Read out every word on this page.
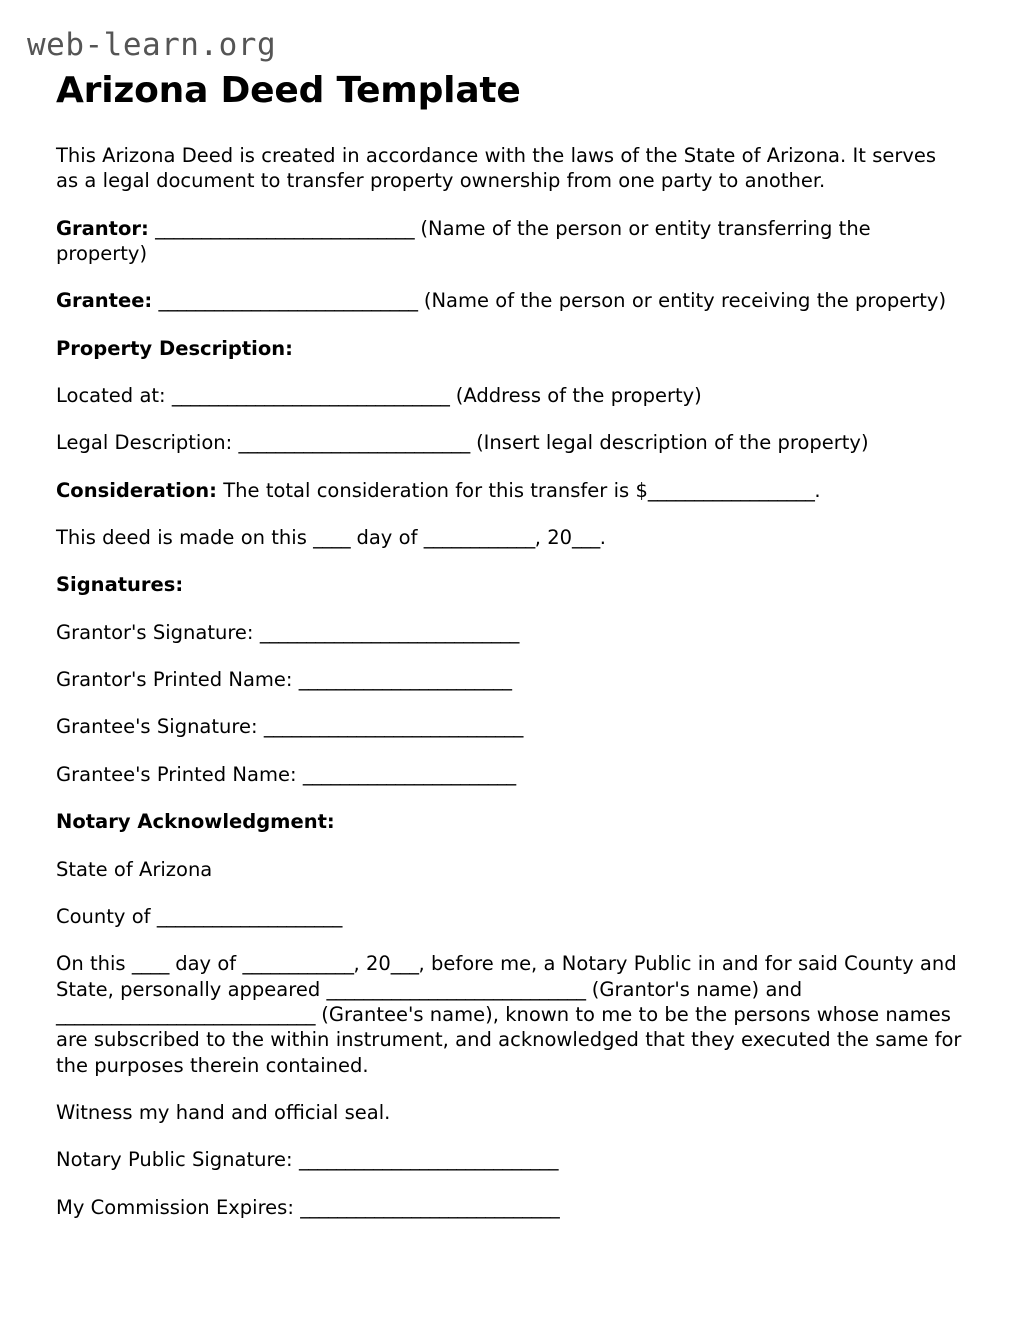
web-learn.org
Arizona Deed Template

This Arizona Deed is created in accordance with the laws of the State of Arizona. It serves as a legal document to transfer property ownership from one party to another.

Grantor: ____________________________ (Name of the person or entity transferring the property)

Grantee: ____________________________ (Name of the person or entity receiving the property)

Property Description:

Located at: ______________________________ (Address of the property)

Legal Description: _________________________ (Insert legal description of the property)

Consideration: The total consideration for this transfer is $__________________.

This deed is made on this ____ day of ____________, 20___.

Signatures:

Grantor's Signature: ____________________________

Grantor's Printed Name: _______________________

Grantee's Signature: ____________________________

Grantee's Printed Name: _______________________

Notary Acknowledgment:

State of Arizona

County of ____________________

On this ____ day of ____________, 20___, before me, a Notary Public in and for said County and State, personally appeared ____________________________ (Grantor's name) and ____________________________ (Grantee's name), known to me to be the persons whose names are subscribed to the within instrument, and acknowledged that they executed the same for the purposes therein contained.

Witness my hand and official seal.

Notary Public Signature: ____________________________

My Commission Expires: ____________________________
